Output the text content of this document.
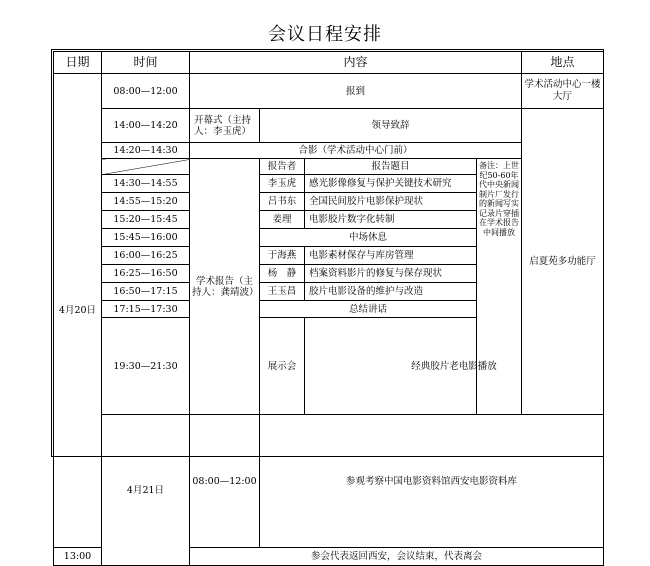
会议日程安排
日期	时间	内容				地点	
4月20日	08:00—12:00	报到				学术活动中心一楼大厅	
	14:00—14:20	开幕式（主持人：李玉虎）	领导致辞			启夏苑多功能厅	
	14:20—14:30	合影（学术活动中心门前）					
		学术报告（主持人：龚靖波）	报告者	报告题目	备注：上世纪50-60年代中央新闻制片厂发行的新闻写实记录片穿插在学术报告中间播放		
	14:30—14:55		李玉虎	感光影像修复与保护关键技术研究			
	14:55—15:20		吕书东	全国民间胶片电影保护现状			
	15:20—15:45		姜理	电影胶片数字化转制			
	15:45—16:00		中场休息				
	16:00—16:25		于海燕	电影素材保存与库房管理			
	16:25—16:50		杨　静	档案资料影片的修复与保存现状			
	16:50—17:15		王玉昌	胶片电影设备的维护与改造			
	17:15—17:30		总结讲话				
	19:30—21:30		展示会	经典胶片老电影播放	
	4月21日	08:00—12:00	参观考察中国电影资料馆西安电影资料库	
13:00		参会代表返回西安，会议结束，代表离会					
